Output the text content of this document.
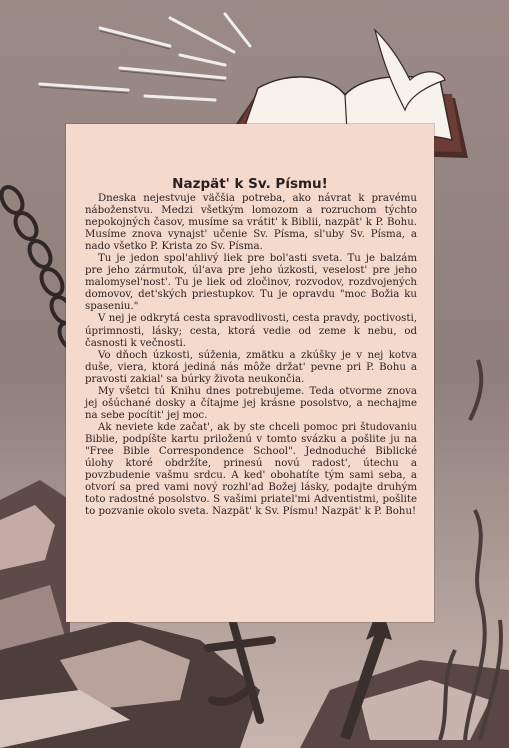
Nazpät' k Sv. Písmu!

Dneska nejestvuje väčšia potreba, ako návrat k pravému náboženstvu. Medzi všetkým lomozom a rozruchom týchto nepokojných časov, musíme sa vrátit' k Biblii, nazpät' k P. Bohu. Musíme znova vynajst' učenie Sv. Písma, sl'uby Sv. Písma, a nado všetko P. Krista zo Sv. Písma.

Tu je jedon spol'ahlivý liek pre bol'asti sveta. Tu je balzám pre jeho zármutok, úl'ava pre jeho úzkosti, veselost' pre jeho malomysel'nost'. Tu je liek od zločinov, rozvodov, rozdvojených domovov, det'ských priestupkov. Tu je opravdu "moc Božia ku spaseniu."

V nej je odkrytá cesta spravodlivosti, cesta pravdy, poctivosti, úprimnosti, lásky; cesta, ktorá vedie od zeme k nebu, od časnosti k večnosti.

Vo dňoch úzkosti, súženia, zmätku a zkúšky je v nej kotva duše, viera, ktorá jediná nás môže držat' pevne pri P. Bohu a pravosti zakial' sa búrky života neukončia.

My všetci tú Knihu dnes potrebujeme. Teda otvorme znova jej ošúchané dosky a čítajme jej krásne posolstvo, a nechajme na sebe pocítit' jej moc.

Ak neviete kde začat', ak by ste chceli pomoc pri študovaniu Biblie, podpíšte kartu priloženú v tomto svázku a pošlite ju na "Free Bible Correspondence School". Jednoduché Biblické úlohy ktoré obdržíte, prinesú novú radost', útechu a povzbudenie vašmu srdcu. A ked' obohatíte tým sami seba, a otvorí sa pred vami nový rozhl'ad Božej lásky, podajte druhým toto radostné posolstvo. S vašimi priatel'mi Adventistmi, pošlite to pozvanie okolo sveta. Nazpät' k Sv. Písmu! Nazpät' k P. Bohu!
